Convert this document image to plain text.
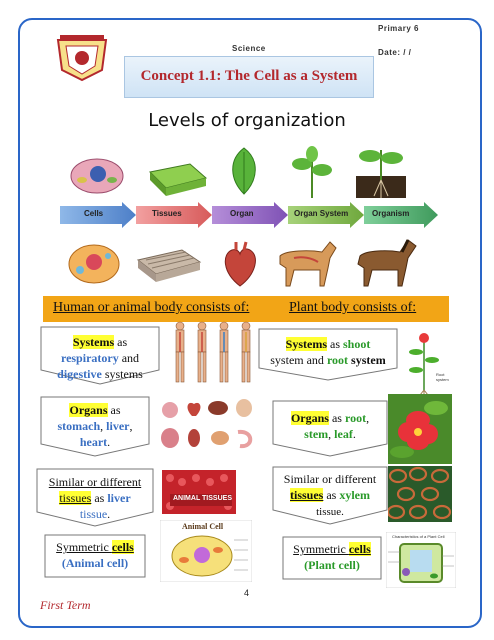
Science
Primary 6
Date: / /
Concept 1.1: The Cell as a System
Levels of organization
Cells	Tissues	Organ	Organ System	Organism
Human or animal body consists of:	Plant body consists of:
Systems as
respiratory and
digestive systems
Organs as
stomach, liver,
heart.
Similar or different
tissues as liver
tissue.
Symmetric cells
(Animal cell)
ANIMAL TISSUES
Animal Cell
Systems as shoot
system and root system
Organs as root,
stem, leaf.
Similar or different
tissues as xylem
tissue.
Symmetric cells
(Plant cell)
Root system
Characteristics of a Plant Cell
4
First Term
